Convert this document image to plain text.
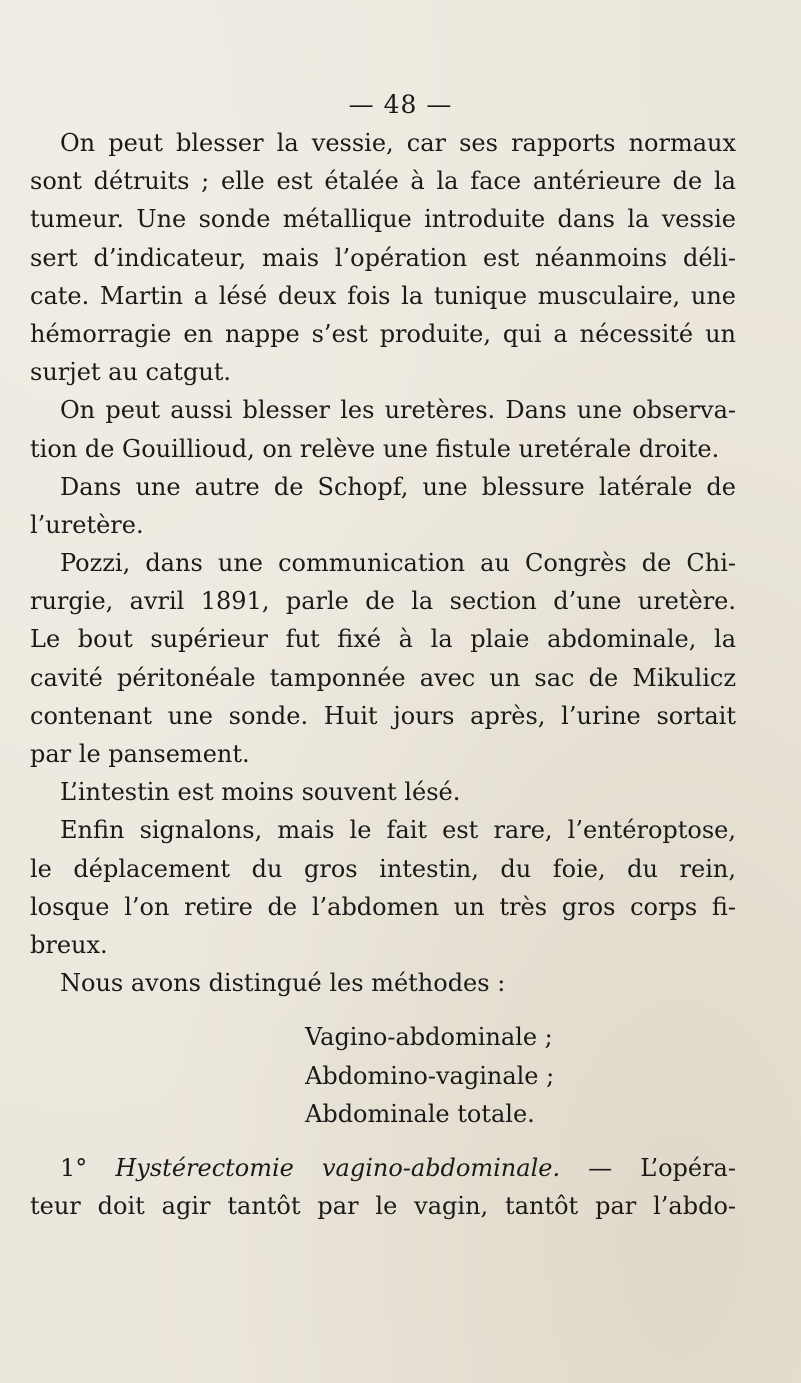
— 48 —
On peut blesser la vessie, car ses rapports normaux
sont détruits ; elle est étalée à la face antérieure de la
tumeur. Une sonde métallique introduite dans la vessie
sert d’indicateur, mais l’opération est néanmoins déli-
cate. Martin a lésé deux fois la tunique musculaire, une
hémorragie en nappe s’est produite, qui a nécessité un
surjet au catgut.
On peut aussi blesser les uretères. Dans une observa-
tion de Gouillioud, on relève une fistule uretérale droite.
Dans une autre de Schopf, une blessure latérale de
l’uretère.
Pozzi, dans une communication au Congrès de Chi-
rurgie, avril 1891, parle de la section d’une uretère.
Le bout supérieur fut fixé à la plaie abdominale, la
cavité péritonéale tamponnée avec un sac de Mikulicz
contenant une sonde. Huit jours après, l’urine sortait
par le pansement.
L’intestin est moins souvent lésé.
Enfin signalons, mais le fait est rare, l’entéroptose,
le déplacement du gros intestin, du foie, du rein,
losque l’on retire de l’abdomen un très gros corps fi-
breux.
Nous avons distingué les méthodes :
Vagino-abdominale ;
Abdomino-vaginale ;
Abdominale totale.
1° Hystérectomie vagino-abdominale. — L’opéra-
teur doit agir tantôt par le vagin, tantôt par l’abdo-
